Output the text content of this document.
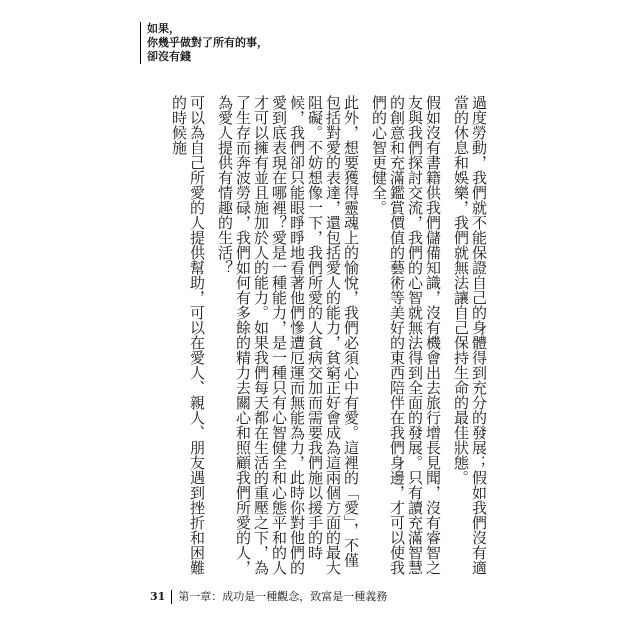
如果，
你幾乎做對了所有的事，
卻沒有錢

過度勞動，我們就不能保證自己的身體得到充分的發展；假如我們沒有適當的休息和娛樂，我們就無法讓自己保持生命的最佳狀態。

假如沒有書籍供我們儲備知識，沒有機會出去旅行增長見聞，沒有睿智之友與我們探討交流，我們的心智就無法得到全面的發展。只有讀充滿智慧的創意和充滿鑑賞價值的藝術等美好的東西陪伴在我們身邊，才可以使我們的心智更健全。

此外，想要獲得靈魂上的愉悅，我們必須心中有愛。這裡的「愛」，不僅包括對愛的表達，還包括愛人的能力，貧窮正好會成為這兩個方面的最大阻礙。不妨想像一下，我們所愛的人貧病交加而需要我們施以援手的時候，我們卻只能眼睜睜地看著他們慘遭厄運而無能為力，此時你對他們的愛到底表現在哪裡？愛是一種能力，是一種只有心智健全和心態平和的人才可以擁有並且施加於人的能力。如果我們每天都在生活的重壓之下，為了生存而奔波勞碌，我們如何有多餘的精力去關心和照顧我們所愛的人，為愛人提供有情趣的生活？

可以為自己所愛的人提供幫助，可以在愛人、親人、朋友遇到挫折和困難的時候施

31	第一章：成功是一種觀念，致富是一種義務
